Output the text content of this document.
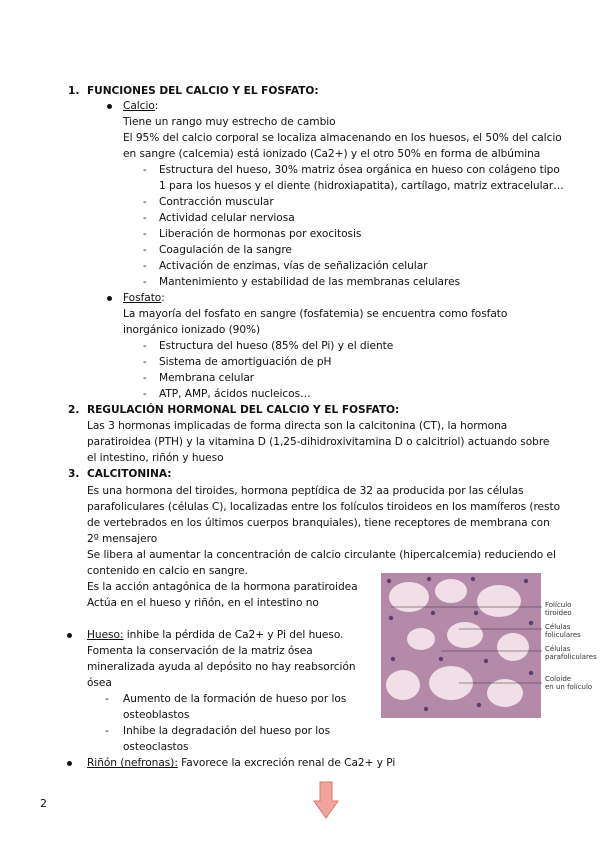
1. FUNCIONES DEL CALCIO Y EL FOSFATO:
Calcio:
Tiene un rango muy estrecho de cambio
El 95% del calcio corporal se localiza almacenando en los huesos, el 50% del calcio
en sangre (calcemia) está ionizado (Ca2+) y el otro 50% en forma de albúmina
- Estructura del hueso, 30% matriz ósea orgánica en hueso con colágeno tipo
1 para los huesos y el diente (hidroxiapatita), cartílago, matriz extracelular…
- Contracción muscular
- Actividad celular nerviosa
- Liberación de hormonas por exocitosis
- Coagulación de la sangre
- Activación de enzimas, vías de señalización celular
- Mantenimiento y estabilidad de las membranas celulares
Fosfato:
La mayoría del fosfato en sangre (fosfatemia) se encuentra como fosfato
inorgánico ionizado (90%)
- Estructura del hueso (85% del Pi) y el diente
- Sistema de amortiguación de pH
- Membrana celular
- ATP, AMP, ácidos nucleicos…
2. REGULACIÓN HORMONAL DEL CALCIO Y EL FOSFATO:
Las 3 hormonas implicadas de forma directa son la calcitonina (CT), la hormona
paratiroidea (PTH) y la vitamina D (1,25-dihidroxivitamina D o calcitriol) actuando sobre
el intestino, riñón y hueso
3. CALCITONINA:
Es una hormona del tiroides, hormona peptídica de 32 aa producida por las células
parafoliculares (células C), localizadas entre los folículos tiroideos en los mamíferos (resto
de vertebrados en los últimos cuerpos branquiales), tiene receptores de membrana con
2º mensajero
Se libera al aumentar la concentración de calcio circulante (hipercalcemia) reduciendo el
contenido en calcio en sangre.
Es la acción antagónica de la hormona paratiroidea
Actúa en el hueso y riñón, en el intestino no
Hueso: inhibe la pérdida de Ca2+ y Pi del hueso.
Fomenta la conservación de la matriz ósea
mineralizada ayuda al depósito no hay reabsorción
ósea
- Aumento de la formación de hueso por los
osteoblastos
- Inhibe la degradación del hueso por los
osteoclastos
Riñón (nefronas): Favorece la excreción renal de Ca2+ y Pi
Folículo
tiroideo
Células
foliculares
Células
parafoliculares
Coloide
en un folículo
2
